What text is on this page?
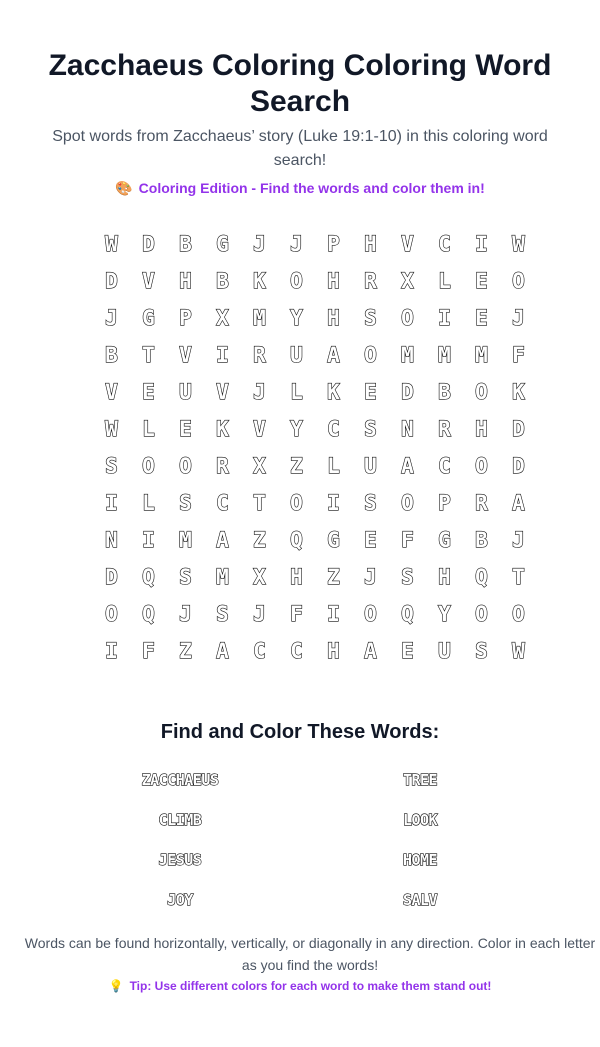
Zacchaeus Coloring Coloring Word Search

Spot words from Zacchaeus’ story (Luke 19:1-10) in this coloring word search!

🎨 Coloring Edition - Find the words and color them in!
W	D	B	G	J	J	P	H	V	C	I	W
D	V	H	B	K	O	H	R	X	L	E	O
J	G	P	X	M	Y	H	S	O	I	E	J
B	T	V	I	R	U	A	O	M	M	M	F
V	E	U	V	J	L	K	E	D	B	O	K
W	L	E	K	V	Y	C	S	N	R	H	D
S	O	O	R	X	Z	L	U	A	C	O	D
I	L	S	C	T	O	I	S	O	P	R	A
N	I	M	A	Z	Q	G	E	F	G	B	J
D	Q	S	M	X	H	Z	J	S	H	Q	T
O	Q	J	S	J	F	I	O	Q	Y	O	O
I	F	Z	A	C	C	H	A	E	U	S	W
Find and Color These Words:
ZACCHAEUS	TREE
CLIMB	LOOK
JESUS	HOME
JOY	SALV

Words can be found horizontally, vertically, or diagonally in any direction. Color in each letter as you find the words!

💡 Tip: Use different colors for each word to make them stand out!
